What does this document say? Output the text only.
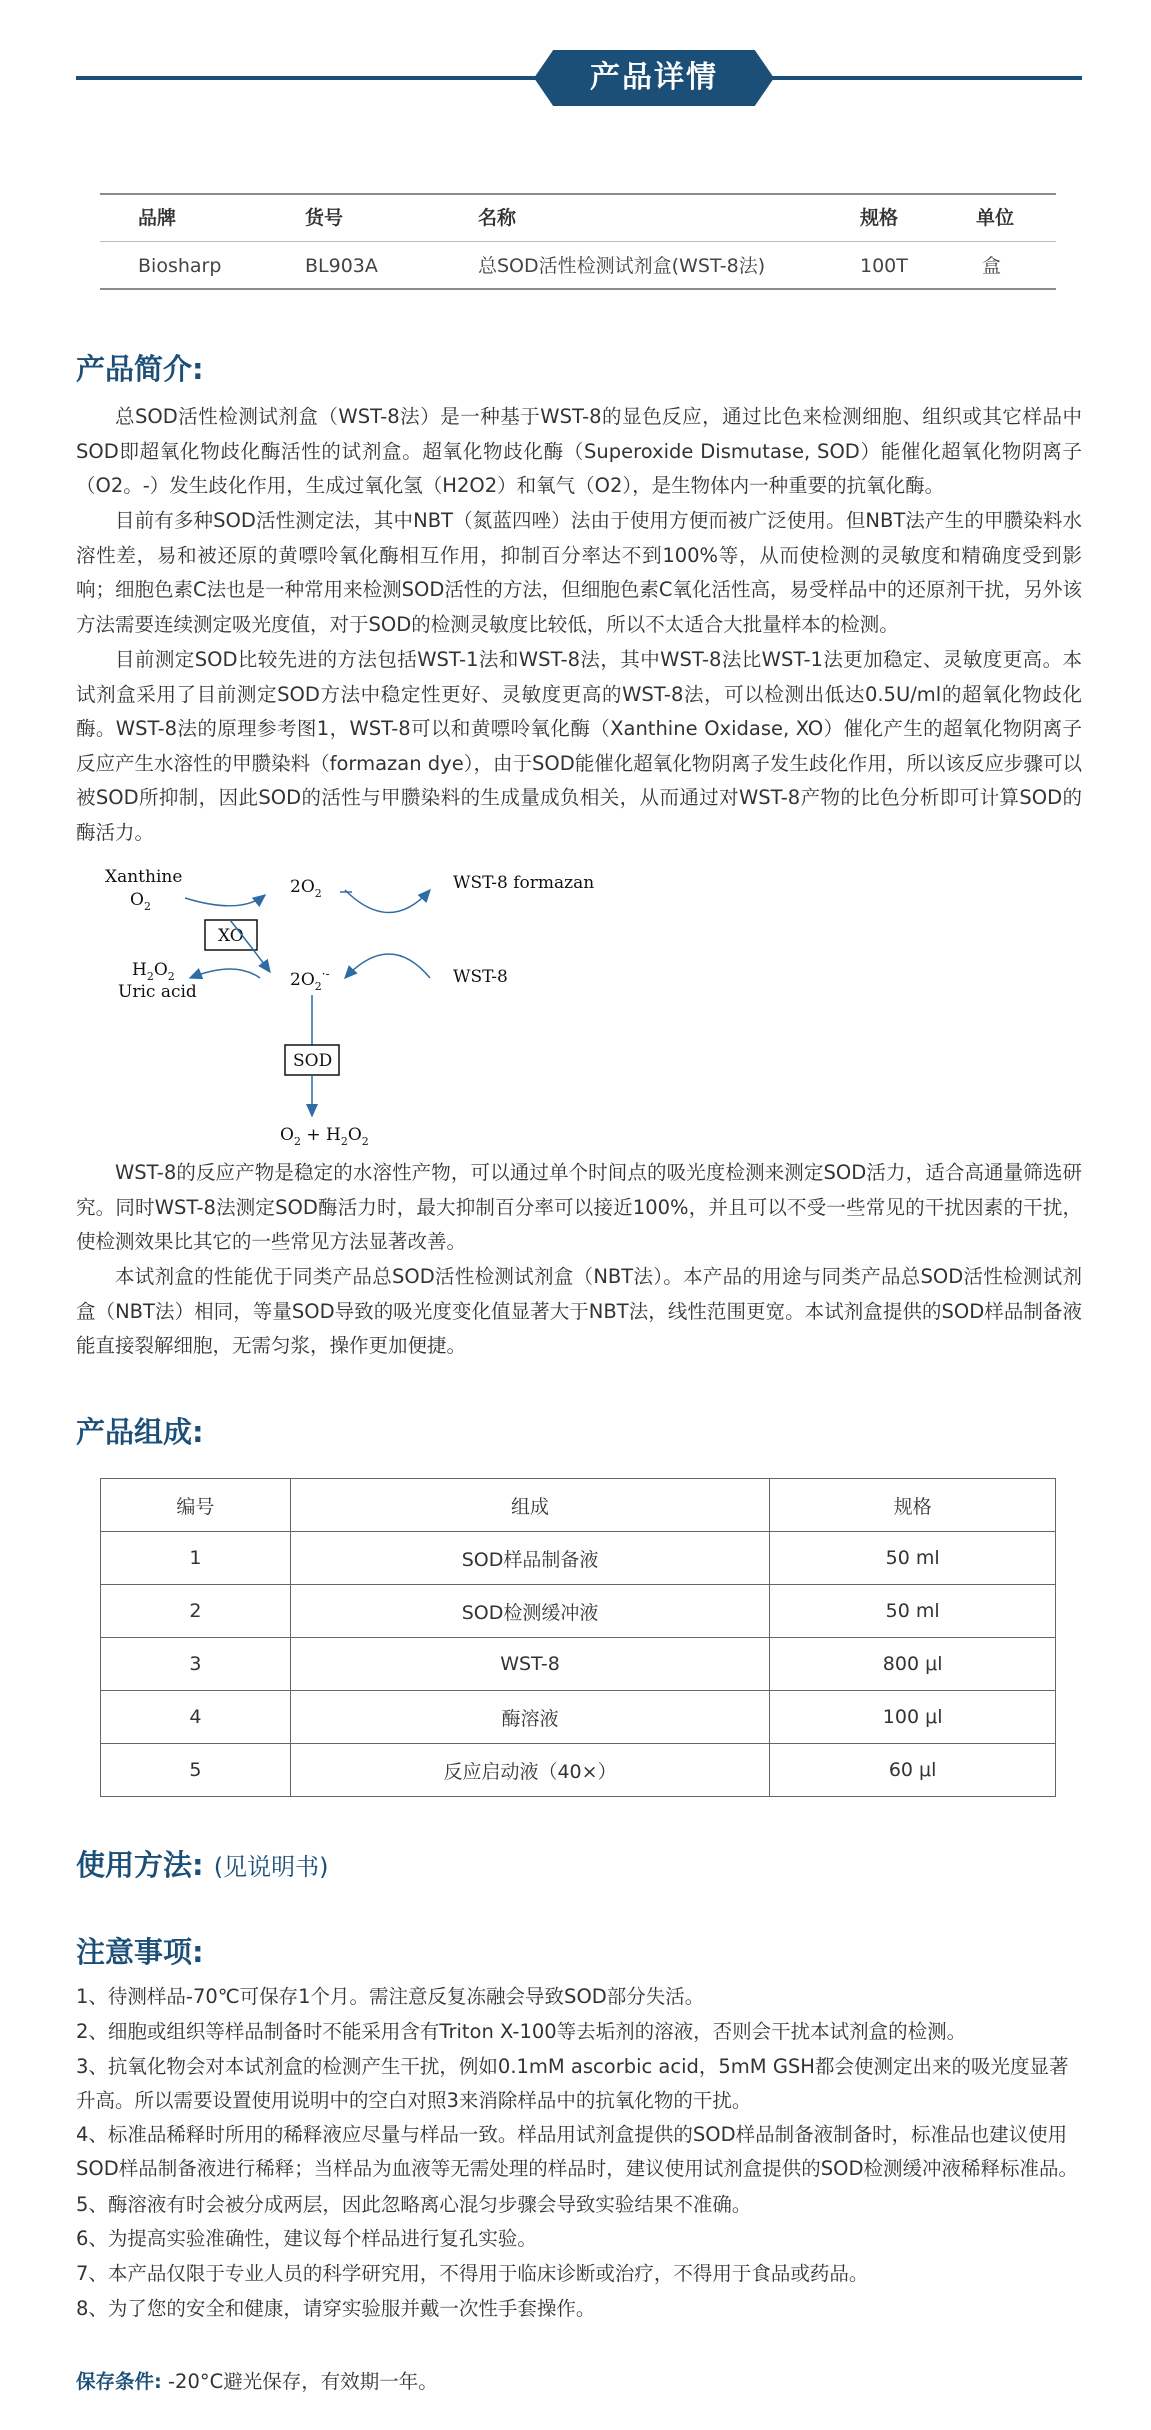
产品详情
品牌	货号	名称	规格	单位
Biosharp	BL903A	总SOD活性检测试剂盒(WST-8法)	100T	盒
产品简介:
总SOD活性检测试剂盒（WST-8法）是一种基于WST-8的显色反应，通过比色来检测细胞、组织或其它样品中SOD即超氧化物歧化酶活性的试剂盒。超氧化物歧化酶（Superoxide Dismutase, SOD）能催化超氧化物阴离子（O2。-）发生歧化作用，生成过氧化氢（H2O2）和氧气（O2），是生物体内一种重要的抗氧化酶。
目前有多种SOD活性测定法，其中NBT（氮蓝四唑）法由于使用方便而被广泛使用。但NBT法产生的甲臜染料水溶性差，易和被还原的黄嘌呤氧化酶相互作用，抑制百分率达不到100%等，从而使检测的灵敏度和精确度受到影响；细胞色素C法也是一种常用来检测SOD活性的方法，但细胞色素C氧化活性高，易受样品中的还原剂干扰，另外该方法需要连续测定吸光度值，对于SOD的检测灵敏度比较低，所以不太适合大批量样本的检测。
目前测定SOD比较先进的方法包括WST-1法和WST-8法，其中WST-8法比WST-1法更加稳定、灵敏度更高。本试剂盒采用了目前测定SOD方法中稳定性更好、灵敏度更高的WST-8法，可以检测出低达0.5U/ml的超氧化物歧化酶。WST-8法的原理参考图1，WST-8可以和黄嘌呤氧化酶（Xanthine Oxidase, XO）催化产生的超氧化物阴离子反应产生水溶性的甲臜染料（formazan dye），由于SOD能催化超氧化物阴离子发生歧化作用，所以该反应步骤可以被SOD所抑制，因此SOD的活性与甲臜染料的生成量成负相关，从而通过对WST-8产物的比色分析即可计算SOD的酶活力。
Xanthine
$O_2$
XO
$H_2O_2$
Uric acid
$2O_2$
$2O_2^\cdot-$
WST-8 formazan
WST-8
SOD
$O_2 + H_2O_2$
WST-8的反应产物是稳定的水溶性产物，可以通过单个时间点的吸光度检测来测定SOD活力，适合高通量筛选研究。同时WST-8法测定SOD酶活力时，最大抑制百分率可以接近100%，并且可以不受一些常见的干扰因素的干扰，使检测效果比其它的一些常见方法显著改善。
本试剂盒的性能优于同类产品总SOD活性检测试剂盒（NBT法）。本产品的用途与同类产品总SOD活性检测试剂盒（NBT法）相同，等量SOD导致的吸光度变化值显著大于NBT法，线性范围更宽。本试剂盒提供的SOD样品制备液能直接裂解细胞，无需匀浆，操作更加便捷。
产品组成:
编号	组成	规格
1	SOD样品制备液	50 ml
2	SOD检测缓冲液	50 ml
3	WST-8	800 μl
4	酶溶液	100 μl
5	反应启动液（40×）	60 μl
使用方法: (见说明书)
注意事项:
1、待测样品-70℃可保存1个月。需注意反复冻融会导致SOD部分失活。
2、细胞或组织等样品制备时不能采用含有Triton X-100等去垢剂的溶液，否则会干扰本试剂盒的检测。
3、抗氧化物会对本试剂盒的检测产生干扰，例如0.1mM ascorbic acid，5mM GSH都会使测定出来的吸光度显著升高。所以需要设置使用说明中的空白对照3来消除样品中的抗氧化物的干扰。
4、标准品稀释时所用的稀释液应尽量与样品一致。样品用试剂盒提供的SOD样品制备液制备时，标准品也建议使用SOD样品制备液进行稀释；当样品为血液等无需处理的样品时，建议使用试剂盒提供的SOD检测缓冲液稀释标准品。
5、酶溶液有时会被分成两层，因此忽略离心混匀步骤会导致实验结果不准确。
6、为提高实验准确性，建议每个样品进行复孔实验。
7、本产品仅限于专业人员的科学研究用，不得用于临床诊断或治疗，不得用于食品或药品。
8、为了您的安全和健康，请穿实验服并戴一次性手套操作。
保存条件: -20°C避光保存，有效期一年。
